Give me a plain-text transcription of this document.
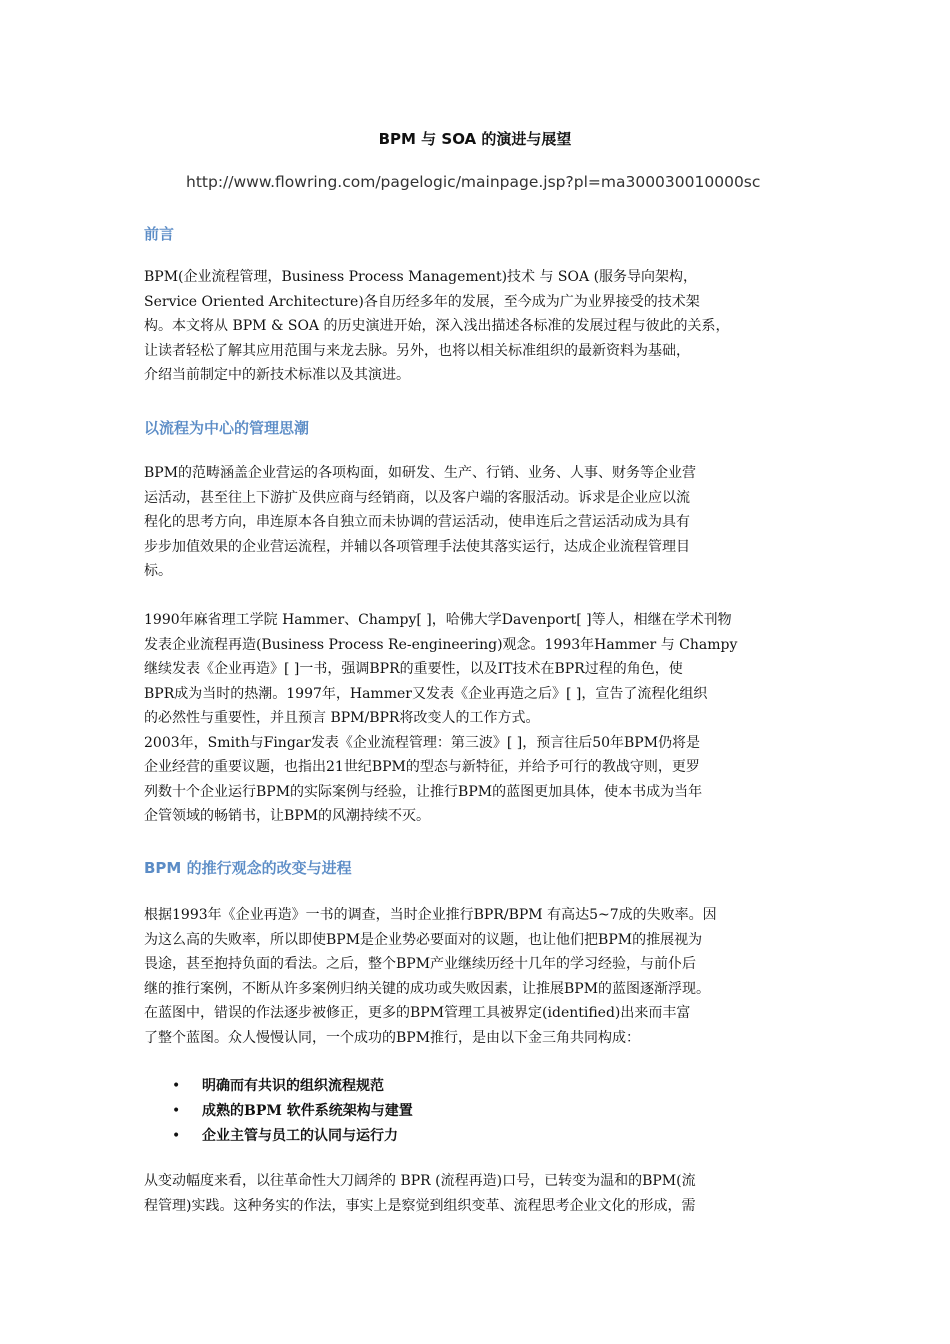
BPM 与 SOA 的演进与展望
http://www.flowring.com/pagelogic/mainpage.jsp?pl=ma300030010000sc
前言
BPM(企业流程管理，Business Process Management)技术 与 SOA (服务导向架构，
Service Oriented Architecture)各自历经多年的发展，至今成为广为业界接受的技术架
构。本文将从 BPM & SOA 的历史演进开始，深入浅出描述各标准的发展过程与彼此的关系，
让读者轻松了解其应用范围与来龙去脉。另外，也将以相关标准组织的最新资料为基础，
介绍当前制定中的新技术标准以及其演进。
以流程为中心的管理思潮
BPM的范畴涵盖企业营运的各项构面，如研发、生产、行销、业务、人事、财务等企业营
运活动，甚至往上下游扩及供应商与经销商，以及客户端的客服活动。诉求是企业应以流
程化的思考方向，串连原本各自独立而未协调的营运活动，使串连后之营运活动成为具有
步步加值效果的企业营运流程，并辅以各项管理手法使其落实运行，达成企业流程管理目
标。
1990年麻省理工学院 Hammer、Champy[ ]，哈佛大学Davenport[ ]等人，相继在学术刊物
发表企业流程再造(Business Process Re-engineering)观念。1993年Hammer 与 Champy
继续发表《企业再造》[ ]一书，强调BPR的重要性，以及IT技术在BPR过程的角色，使
BPR成为当时的热潮。1997年，Hammer又发表《企业再造之后》[ ]，宣告了流程化组织
的必然性与重要性，并且预言 BPM/BPR将改变人的工作方式。
2003年，Smith与Fingar发表《企业流程管理：第三波》[ ]，预言往后50年BPM仍将是
企业经营的重要议题，也指出21世纪BPM的型态与新特征，并给予可行的教战守则，更罗
列数十个企业运行BPM的实际案例与经验，让推行BPM的蓝图更加具体，使本书成为当年
企管领域的畅销书，让BPM的风潮持续不灭。
BPM 的推行观念的改变与进程
根据1993年《企业再造》一书的调查，当时企业推行BPR/BPM 有高达5~7成的失败率。因
为这么高的失败率，所以即使BPM是企业势必要面对的议题，也让他们把BPM的推展视为
畏途，甚至抱持负面的看法。之后，整个BPM产业继续历经十几年的学习经验，与前仆后
继的推行案例，不断从许多案例归纳关键的成功或失败因素，让推展BPM的蓝图逐渐浮现。
在蓝图中，错误的作法逐步被修正，更多的BPM管理工具被界定(identified)出来而丰富
了整个蓝图。众人慢慢认同，一个成功的BPM推行，是由以下金三角共同构成：
• 明确而有共识的组织流程规范
• 成熟的BPM 软件系统架构与建置
• 企业主管与员工的认同与运行力
从变动幅度来看，以往革命性大刀阔斧的 BPR (流程再造)口号，已转变为温和的BPM(流
程管理)实践。这种务实的作法，事实上是察觉到组织变革、流程思考企业文化的形成，需
